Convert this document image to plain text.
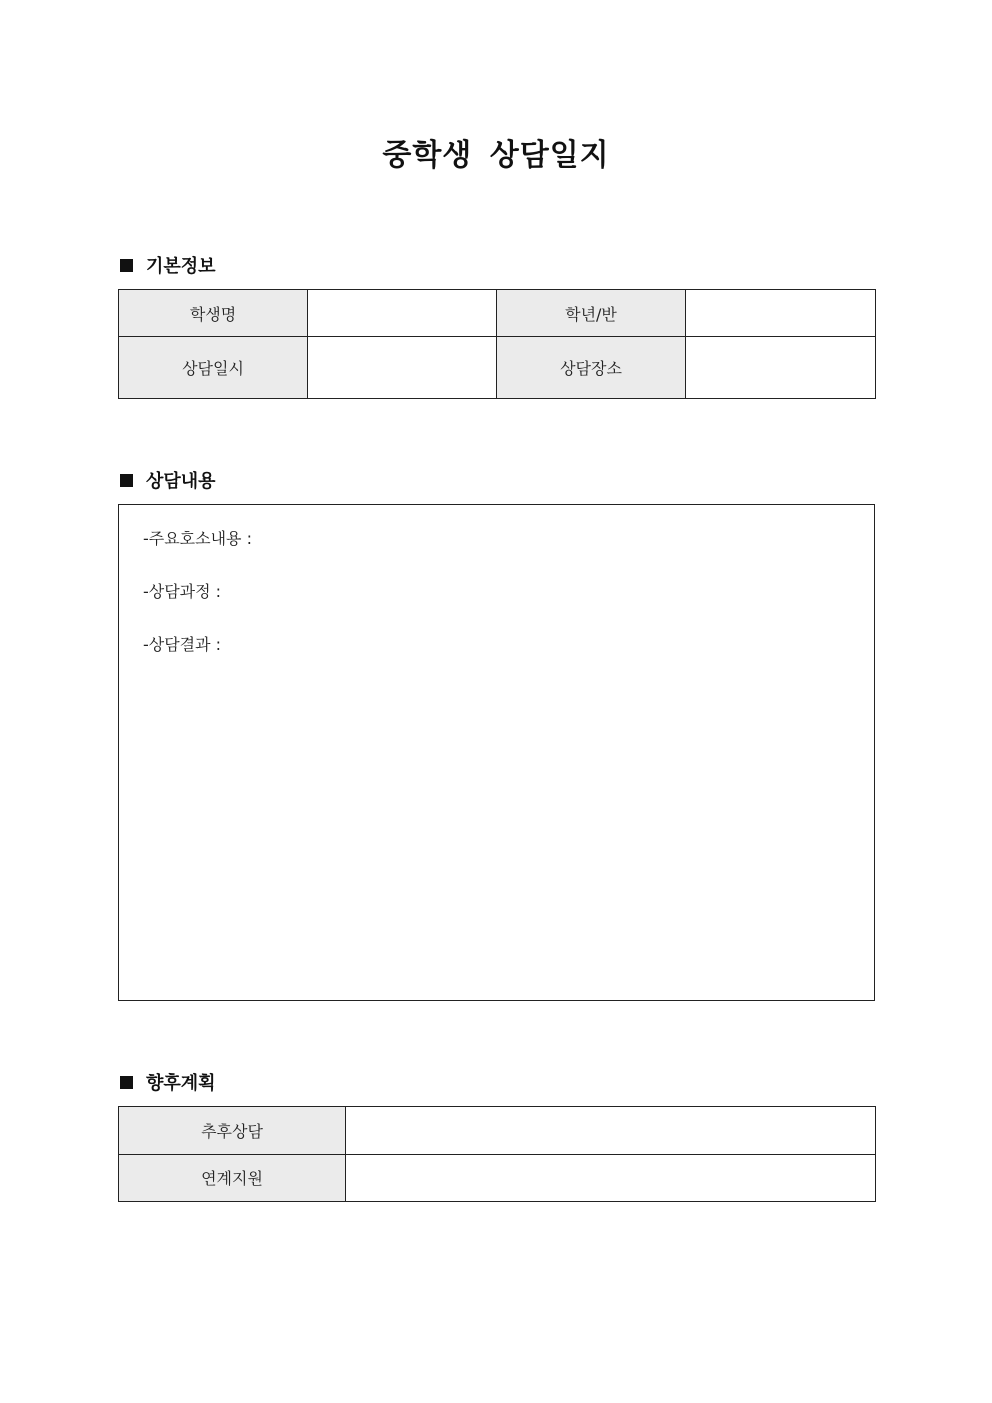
중학생 상담일지
기본정보
학생명		학년/반	
상담일시		상담장소	
상담내용
-주요호소내용 :
-상담과정 :
-상담결과 :
향후계획
추후상담	
연계지원	
